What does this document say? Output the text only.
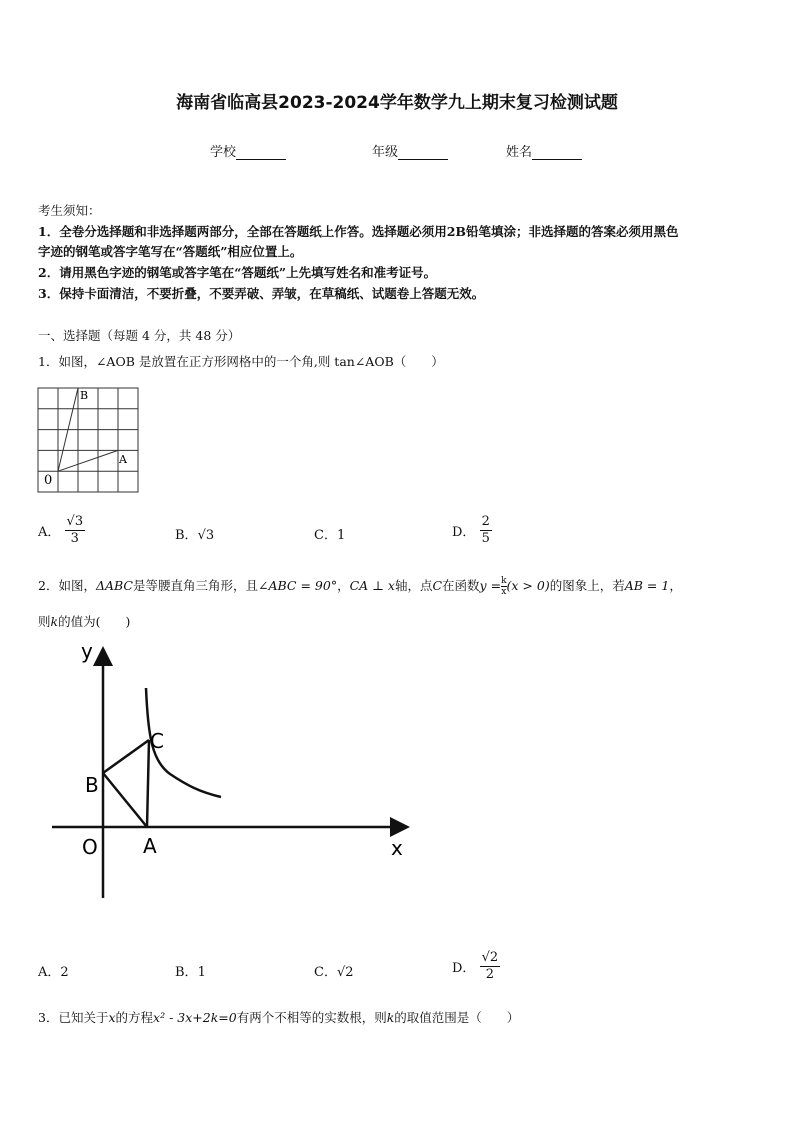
海南省临高县2023-2024学年数学九上期末复习检测试题
学校	年级	姓名
考生须知：
1．全卷分选择题和非选择题两部分，全部在答题纸上作答。选择题必须用2B铅笔填涂；非选择题的答案必须用黑色
字迹的钢笔或答字笔写在“答题纸”相应位置上。
2．请用黑色字迹的钢笔或答字笔在“答题纸”上先填写姓名和准考证号。
3．保持卡面清洁，不要折叠，不要弄破、弄皱，在草稿纸、试题卷上答题无效。
一、选择题（每题 4 分，共 48 分）
1．如图，∠AOB 是放置在正方形网格中的一个角,则 tan∠AOB（　　）
B
A
0
A． $\frac{√3}{3}$	B．√3	C．1	D． $\frac{2}{5}$
2．如图，ΔABC是等腰直角三角形，且∠ABC = 90°，CA ⊥ x轴，点C在函数$y = \frac{k}{x} (x > 0)$的图象上，若AB = 1，
则k的值为(　　)
y
x
O A
B
C
A．2	B．1	C．√2	D． $\frac{√2}{2}$
3．已知关于x的方程x² - 3x+2k=0有两个不相等的实数根，则k的取值范围是（　　）
